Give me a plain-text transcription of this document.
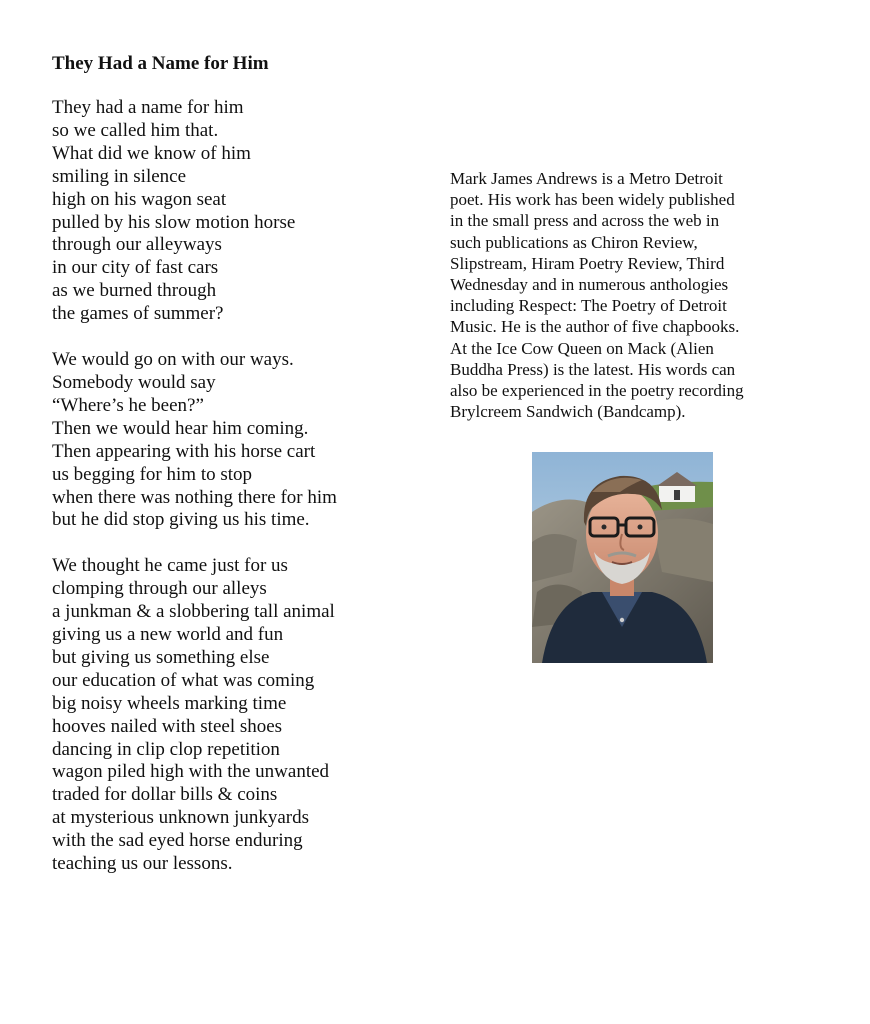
They Had a Name for Him
They had a name for him
so we called him that.
What did we know of him
smiling in silence
high on his wagon seat
pulled by his slow motion horse
through our alleyways
in our city of fast cars
as we burned through
the games of summer?
We would go on with our ways.
Somebody would say
“Where’s he been?”
Then we would hear him coming.
Then appearing with his horse cart
us begging for him to stop
when there was nothing there for him
but he did stop giving us his time.
We thought he came just for us
clomping through our alleys
a junkman & a slobbering tall animal
giving us a new world and fun
but giving us something else
our education of what was coming
big noisy wheels marking time
hooves nailed with steel shoes
dancing in clip clop repetition
wagon piled high with the unwanted
traded for dollar bills & coins
at mysterious unknown junkyards
with the sad eyed horse enduring
teaching us our lessons.

Mark James Andrews is a Metro Detroit
poet. His work has been widely published
in the small press and across the web in
such publications as Chiron Review,
Slipstream, Hiram Poetry Review, Third
Wednesday and in numerous anthologies
including Respect: The Poetry of Detroit
Music. He is the author of five chapbooks.
At the Ice Cow Queen on Mack (Alien
Buddha Press) is the latest. His words can
also be experienced in the poetry recording
Brylcreem Sandwich (Bandcamp).
